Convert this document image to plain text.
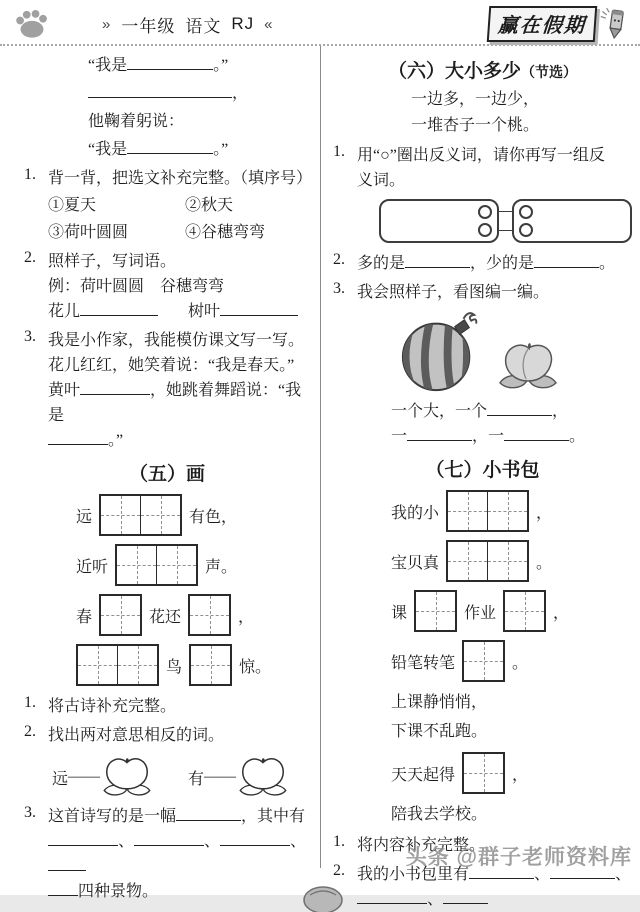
» 一年级 语文 RJ «	赢在假期
“我是	。”
，
他鞠着躬说：
“我是	。”
1. 背一背，把选文补充完整。（填序号）
①夏天	②秋天
③荷叶圆圆	④谷穗弯弯
2. 照样子，写词语。
例：荷叶圆圆　谷穗弯弯
花儿	树叶
3. 我是小作家，我能模仿课文写一写。
花儿红红，她笑着说：“我是春天。”
黄叶	，她跳着舞蹈说：“我是
。”
（五）画
远	有色，
近听	声。
春	花还	，
鸟	惊。
1. 将古诗补充完整。
2. 找出两对意思相反的词。
远 ——	有 ——
3. 这首诗写的是一幅	，其中有
、	、	、
四种景物。
（六）大小多少（节选）
一边多，一边少，
一堆杏子一个桃。
1. 用“○”圈出反义词，请你再写一组反
义词。
2. 多的是	，少的是	。
3. 我会照样子，看图编一编。
一个大，一个	，
一	，一	。
（七）小书包
我的小	，
宝贝真	。
课	作业	，
铅笔转笔	。
上课静悄悄，
下课不乱跑。
天天起得	，
陪我去学校。
1. 将内容补充完整。
2. 我的小书包里有	、	、
、
头条 @群子老师资料库
